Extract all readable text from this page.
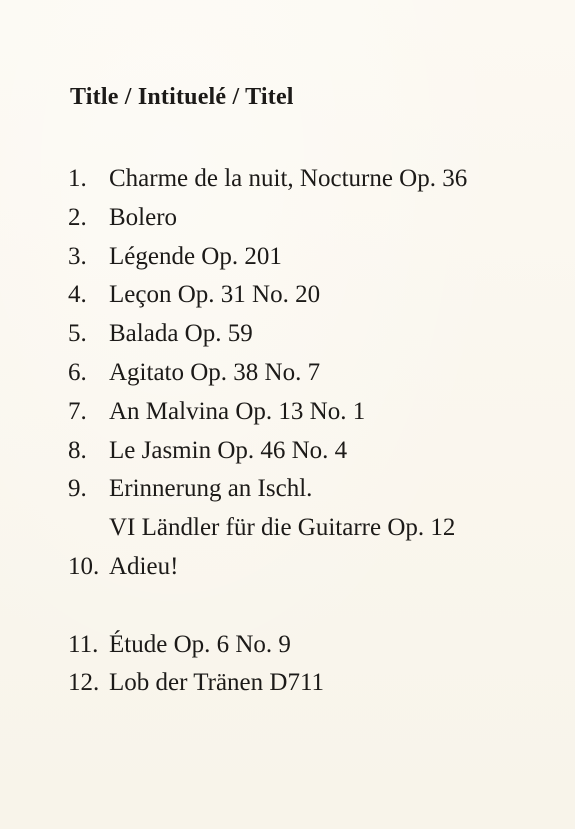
Title / Intituelé / Titel
1. Charme de la nuit, Nocturne Op. 36
2. Bolero
3. Légende Op. 201
4. Leçon Op. 31 No. 20
5. Balada Op. 59
6. Agitato Op. 38 No. 7
7. An Malvina Op. 13 No. 1
8. Le Jasmin Op. 46 No. 4
9. Erinnerung an Ischl.
VI Ländler für die Guitarre Op. 12
10. Adieu!
11. Étude Op. 6 No. 9
12. Lob der Tränen D711
